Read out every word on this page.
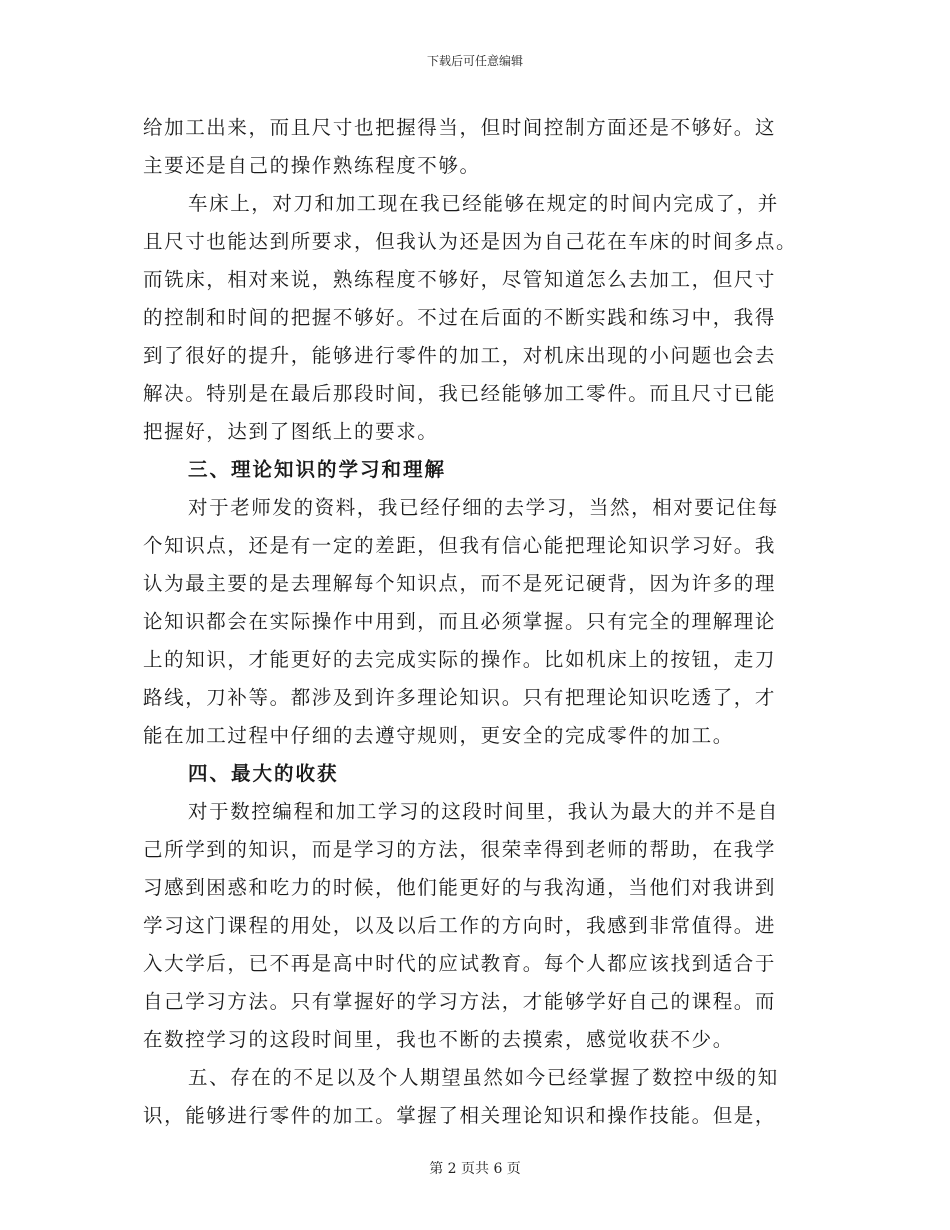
下载后可任意编辑
给加工出来，而且尺寸也把握得当，但时间控制方面还是不够好。这
主要还是自己的操作熟练程度不够。
车床上，对刀和加工现在我已经能够在规定的时间内完成了，并
且尺寸也能达到所要求，但我认为还是因为自己花在车床的时间多点。
而铣床，相对来说，熟练程度不够好，尽管知道怎么去加工，但尺寸
的控制和时间的把握不够好。不过在后面的不断实践和练习中，我得
到了很好的提升，能够进行零件的加工，对机床出现的小问题也会去
解决。特别是在最后那段时间，我已经能够加工零件。而且尺寸已能
把握好，达到了图纸上的要求。
三、理论知识的学习和理解
对于老师发的资料，我已经仔细的去学习，当然，相对要记住每
个知识点，还是有一定的差距，但我有信心能把理论知识学习好。我
认为最主要的是去理解每个知识点，而不是死记硬背，因为许多的理
论知识都会在实际操作中用到，而且必须掌握。只有完全的理解理论
上的知识，才能更好的去完成实际的操作。比如机床上的按钮，走刀
路线，刀补等。都涉及到许多理论知识。只有把理论知识吃透了，才
能在加工过程中仔细的去遵守规则，更安全的完成零件的加工。
四、最大的收获
对于数控编程和加工学习的这段时间里，我认为最大的并不是自
己所学到的知识，而是学习的方法，很荣幸得到老师的帮助，在我学
习感到困惑和吃力的时候，他们能更好的与我沟通，当他们对我讲到
学习这门课程的用处，以及以后工作的方向时，我感到非常值得。进
入大学后，已不再是高中时代的应试教育。每个人都应该找到适合于
自己学习方法。只有掌握好的学习方法，才能够学好自己的课程。而
在数控学习的这段时间里，我也不断的去摸索，感觉收获不少。
五、存在的不足以及个人期望虽然如今已经掌握了数控中级的知
识，能够进行零件的加工。掌握了相关理论知识和操作技能。但是，
第 2 页共 6 页
